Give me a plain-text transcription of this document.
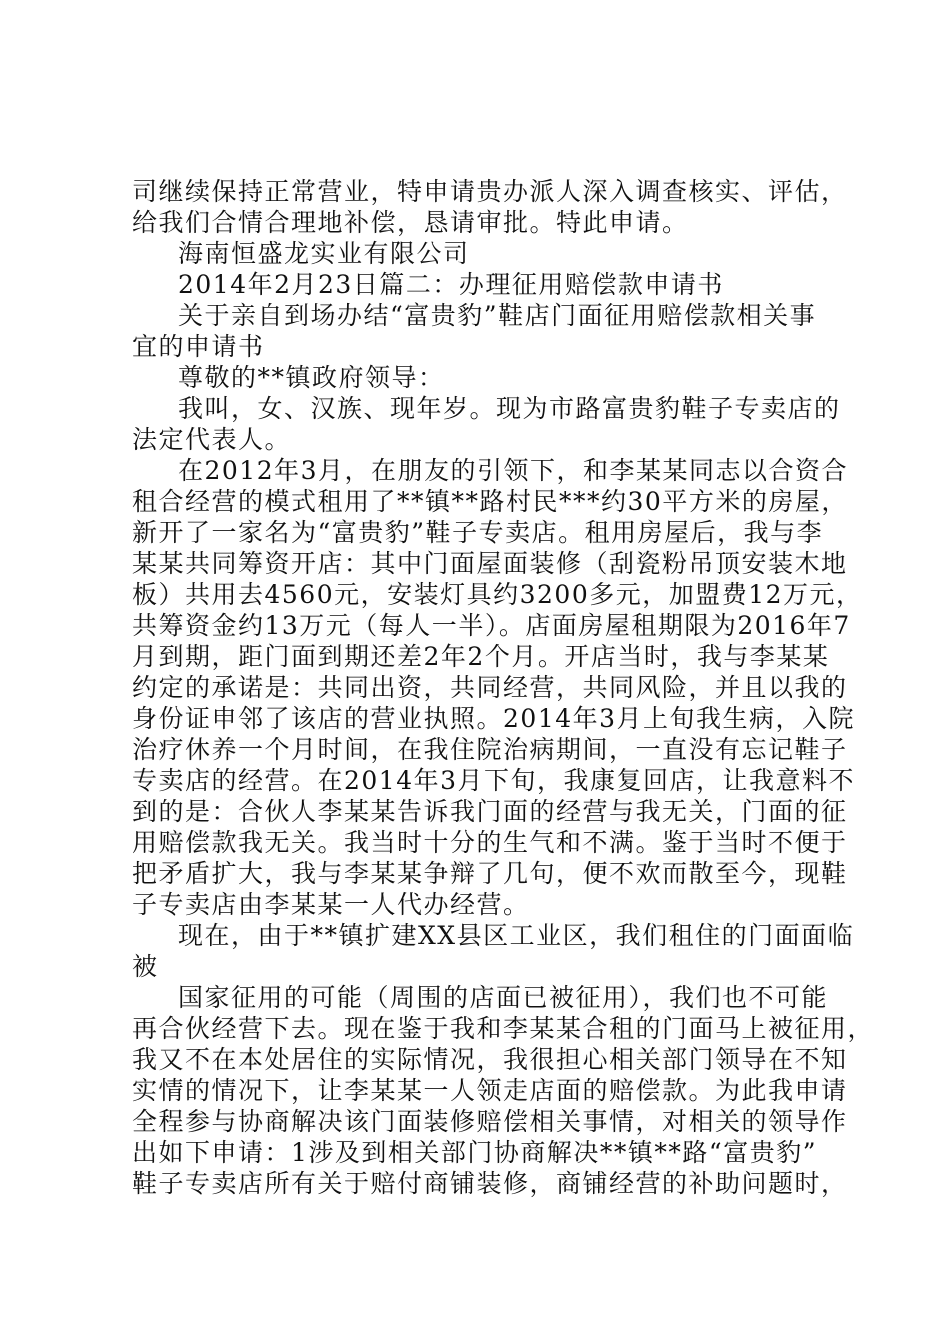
司继续保持正常营业，特申请贵办派人深入调查核实、评估，
给我们合情合理地补偿，恳请审批。特此申请。
海南恒盛龙实业有限公司
2014年2月23日篇二：办理征用赔偿款申请书
关于亲自到场办结“富贵豹”鞋店门面征用赔偿款相关事
宜的申请书
尊敬的**镇政府领导：
我叫，女、汉族、现年岁。现为市路富贵豹鞋子专卖店的
法定代表人。
在2012年3月，在朋友的引领下，和李某某同志以合资合
租合经营的模式租用了**镇**路村民***约30平方米的房屋，
新开了一家名为“富贵豹”鞋子专卖店。租用房屋后，我与李
某某共同筹资开店：其中门面屋面装修（刮瓷粉吊顶安装木地
板）共用去4560元，安装灯具约3200多元，加盟费12万元，
共筹资金约13万元（每人一半）。店面房屋租期限为2016年7
月到期，距门面到期还差2年2个月。开店当时，我与李某某
约定的承诺是：共同出资，共同经营，共同风险，并且以我的
身份证申邻了该店的营业执照。2014年3月上旬我生病，入院
治疗休养一个月时间，在我住院治病期间，一直没有忘记鞋子
专卖店的经营。在2014年3月下旬，我康复回店，让我意料不
到的是：合伙人李某某告诉我门面的经营与我无关，门面的征
用赔偿款我无关。我当时十分的生气和不满。鉴于当时不便于
把矛盾扩大，我与李某某争辩了几句，便不欢而散至今，现鞋
子专卖店由李某某一人代办经营。
现在，由于**镇扩建XX县区工业区，我们租住的门面面临
被
国家征用的可能（周围的店面已被征用），我们也不可能
再合伙经营下去。现在鉴于我和李某某合租的门面马上被征用，
我又不在本处居住的实际情况，我很担心相关部门领导在不知
实情的情况下，让李某某一人领走店面的赔偿款。为此我申请
全程参与协商解决该门面装修赔偿相关事情，对相关的领导作
出如下申请：1涉及到相关部门协商解决**镇**路“富贵豹”
鞋子专卖店所有关于赔付商铺装修，商铺经营的补助问题时，
